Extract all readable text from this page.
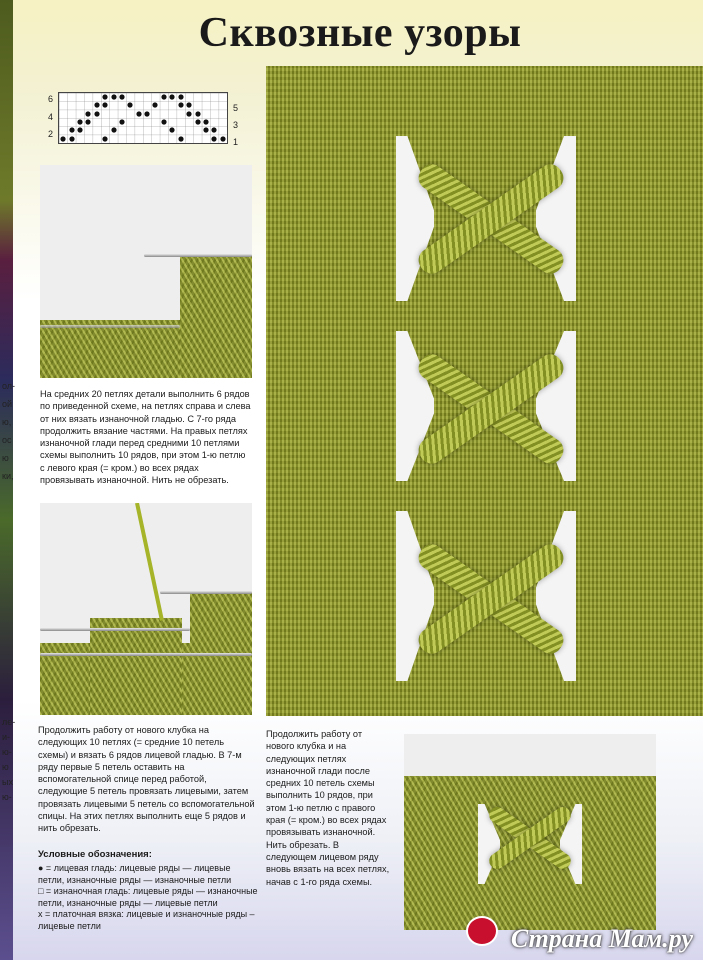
ол-
ой
ю,
ос
ю
ки,
ле-
и-
ю-
ю
ых
ю-
Сквозные узоры
6
4
2
5
3
1

На средних 20 петлях детали выполнить 6 рядов по приведенной схеме, на петлях справа и слева от них вязать изнаночной гладью. С 7-го ряда продолжить вязание частями. На правых петлях изнаночной глади перед средними 10 петлями схемы выполнить 10 рядов, при этом 1-ю петлю с левого края (= кром.) во всех рядах провязывать изнаночной. Нить не обрезать.

Продолжить работу от нового клубка на следующих 10 петлях (= средние 10 петель схемы) и вязать 6 рядов лицевой гладью. В 7-м ряду первые 5 петель оставить на вспомогательной спице перед работой, следующие 5 петель провязать лицевыми, затем провязать лицевыми 5 петель со вспомогательной спицы. На этих петлях выполнить еще 5 рядов и нить обрезать.

Условные обозначения:

● = лицевая гладь: лицевые ряды — лицевые петли, изнаночные ряды — изнаночные петли
□ = изнаночная гладь: лицевые ряды — изнаночные петли, изнаночные ряды — лицевые петли
x = платочная вязка: лицевые и изнаночные ряды – лицевые петли

Продолжить работу от нового клубка и на следующих петлях изнаночной глади после средних 10 петель схемы выполнить 10 рядов, при этом 1-ю петлю с правого края (= кром.) во всех рядах провязывать изнаночной. Нить обрезать. В следующем лицевом ряду вновь вязать на всех петлях, начав с 1-го ряда схемы.

Страна Мам.ру
